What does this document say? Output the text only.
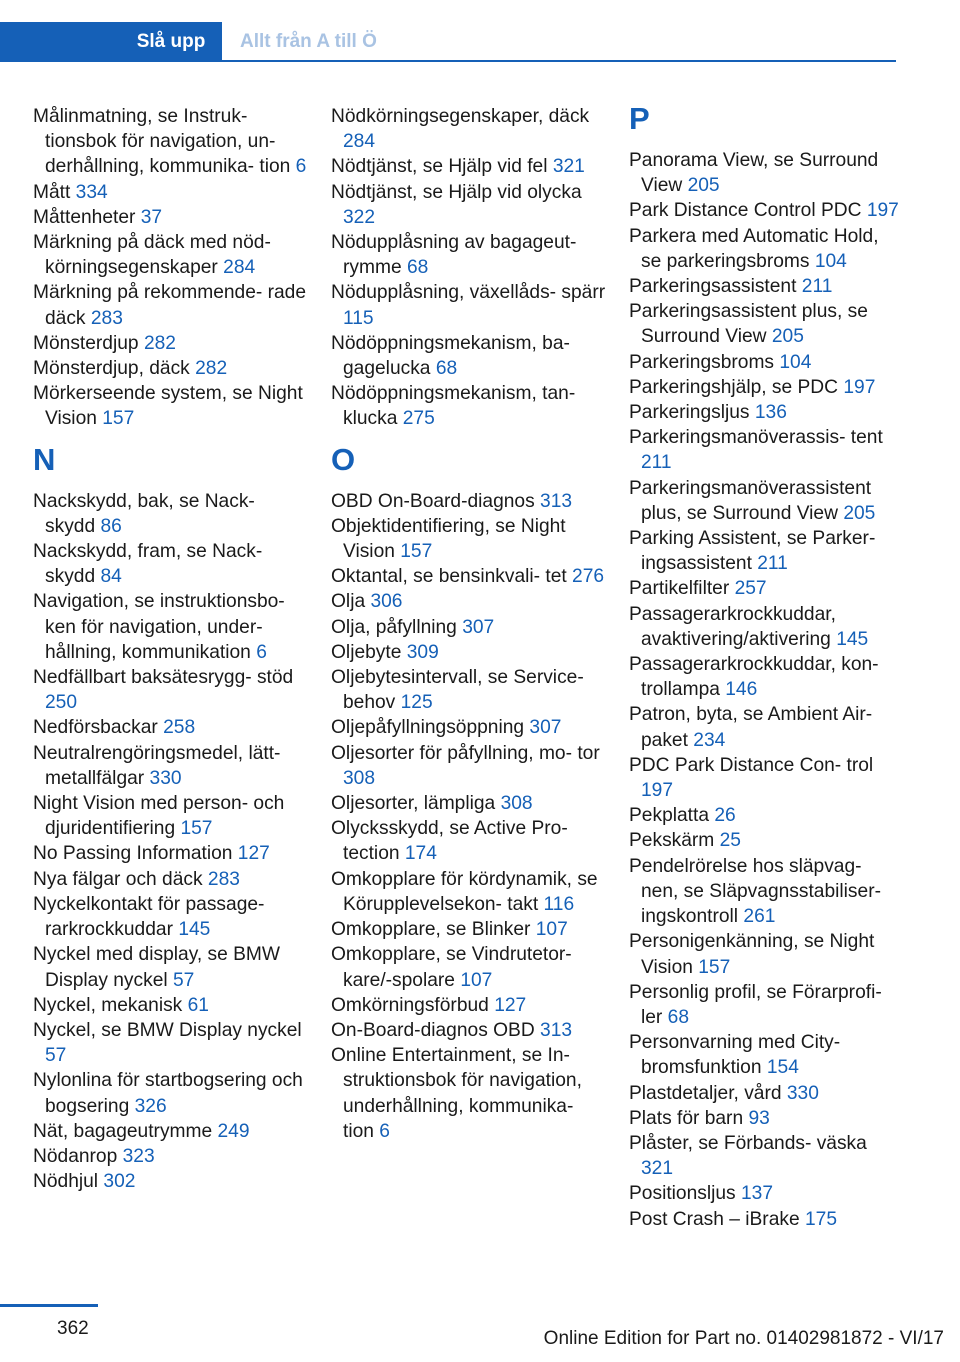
Slå upp	Allt från A till Ö
Målinmatning, se Instruk‐ tionsbok för navigation, un‐ derhållning, kommunika‐ tion 6
Mått 334
Måttenheter 37
Märkning på däck med nöd‐ körningsegenskaper 284
Märkning på rekommende‐ rade däck 283
Mönsterdjup 282
Mönsterdjup, däck 282
Mörkerseende system, se Night Vision 157
N
Nackskydd, bak, se Nack‐ skydd 86
Nackskydd, fram, se Nack‐ skydd 84
Navigation, se instruktionsbo‐ ken för navigation, under‐ hållning, kommunikation 6
Nedfällbart baksätesrygg‐ stöd 250
Nedförsbackar 258
Neutralrengöringsmedel, lätt‐ metallfälgar 330
Night Vision med person- och djuridentifiering 157
No Passing Information 127
Nya fälgar och däck 283
Nyckelkontakt för passage‐ rarkrockkuddar 145
Nyckel med display, se BMW Display nyckel 57
Nyckel, mekanisk 61
Nyckel, se BMW Display nyckel 57
Nylonlina för startbogsering och bogsering 326
Nät, bagageutrymme 249
Nödanrop 323
Nödhjul 302
Nödkörningsegenskaper, däck 284
Nödtjänst, se Hjälp vid fel 321
Nödtjänst, se Hjälp vid olycka 322
Nödupplåsning av bagageut‐ rymme 68
Nödupplåsning, växellåds‐ spärr 115
Nödöppningsmekanism, ba‐ gagelucka 68
Nödöppningsmekanism, tan‐ klucka 275
O
OBD On-Board-diagnos 313
Objektidentifiering, se Night Vision 157
Oktantal, se bensinkvali‐ tet 276
Olja 306
Olja, påfyllning 307
Oljebyte 309
Oljebytesintervall, se Service‐ behov 125
Oljepåfyllningsöppning 307
Oljesorter för påfyllning, mo‐ tor 308
Oljesorter, lämpliga 308
Olycksskydd, se Active Pro‐ tection 174
Omkopplare för kördynamik, se Körupplevelsekon‐ takt 116
Omkopplare, se Blinker 107
Omkopplare, se Vindrutetor‐ kare/-spolare 107
Omkörningsförbud 127
On-Board-diagnos OBD 313
Online Entertainment, se In‐ struktionsbok för navigation, underhållning, kommunika‐ tion 6
P
Panorama View, se Surround View 205
Park Distance Control PDC 197
Parkera med Automatic Hold, se parkeringsbroms 104
Parkeringsassistent 211
Parkeringsassistent plus, se Surround View 205
Parkeringsbroms 104
Parkeringshjälp, se PDC 197
Parkeringsljus 136
Parkeringsmanöverassis‐ tent 211
Parkeringsmanöverassistent plus, se Surround View 205
Parking Assistent, se Parker‐ ingsassistent 211
Partikelfilter 257
Passagerarkrockkuddar, avaktivering/aktivering 145
Passagerarkrockkuddar, kon‐ trollampa 146
Patron, byta, se Ambient Air- paket 234
PDC Park Distance Con‐ trol 197
Pekplatta 26
Pekskärm 25
Pendelrörelse hos släpvag‐ nen, se Släpvagnsstabiliser‐ ingskontroll 261
Personigenkänning, se Night Vision 157
Personlig profil, se Förarprofi‐ ler 68
Personvarning med City- bromsfunktion 154
Plastdetaljer, vård 330
Plats för barn 93
Plåster, se Förbands‐ väska 321
Positionsljus 137
Post Crash – iBrake 175
362	Online Edition for Part no. 01402981872 - VI/17
